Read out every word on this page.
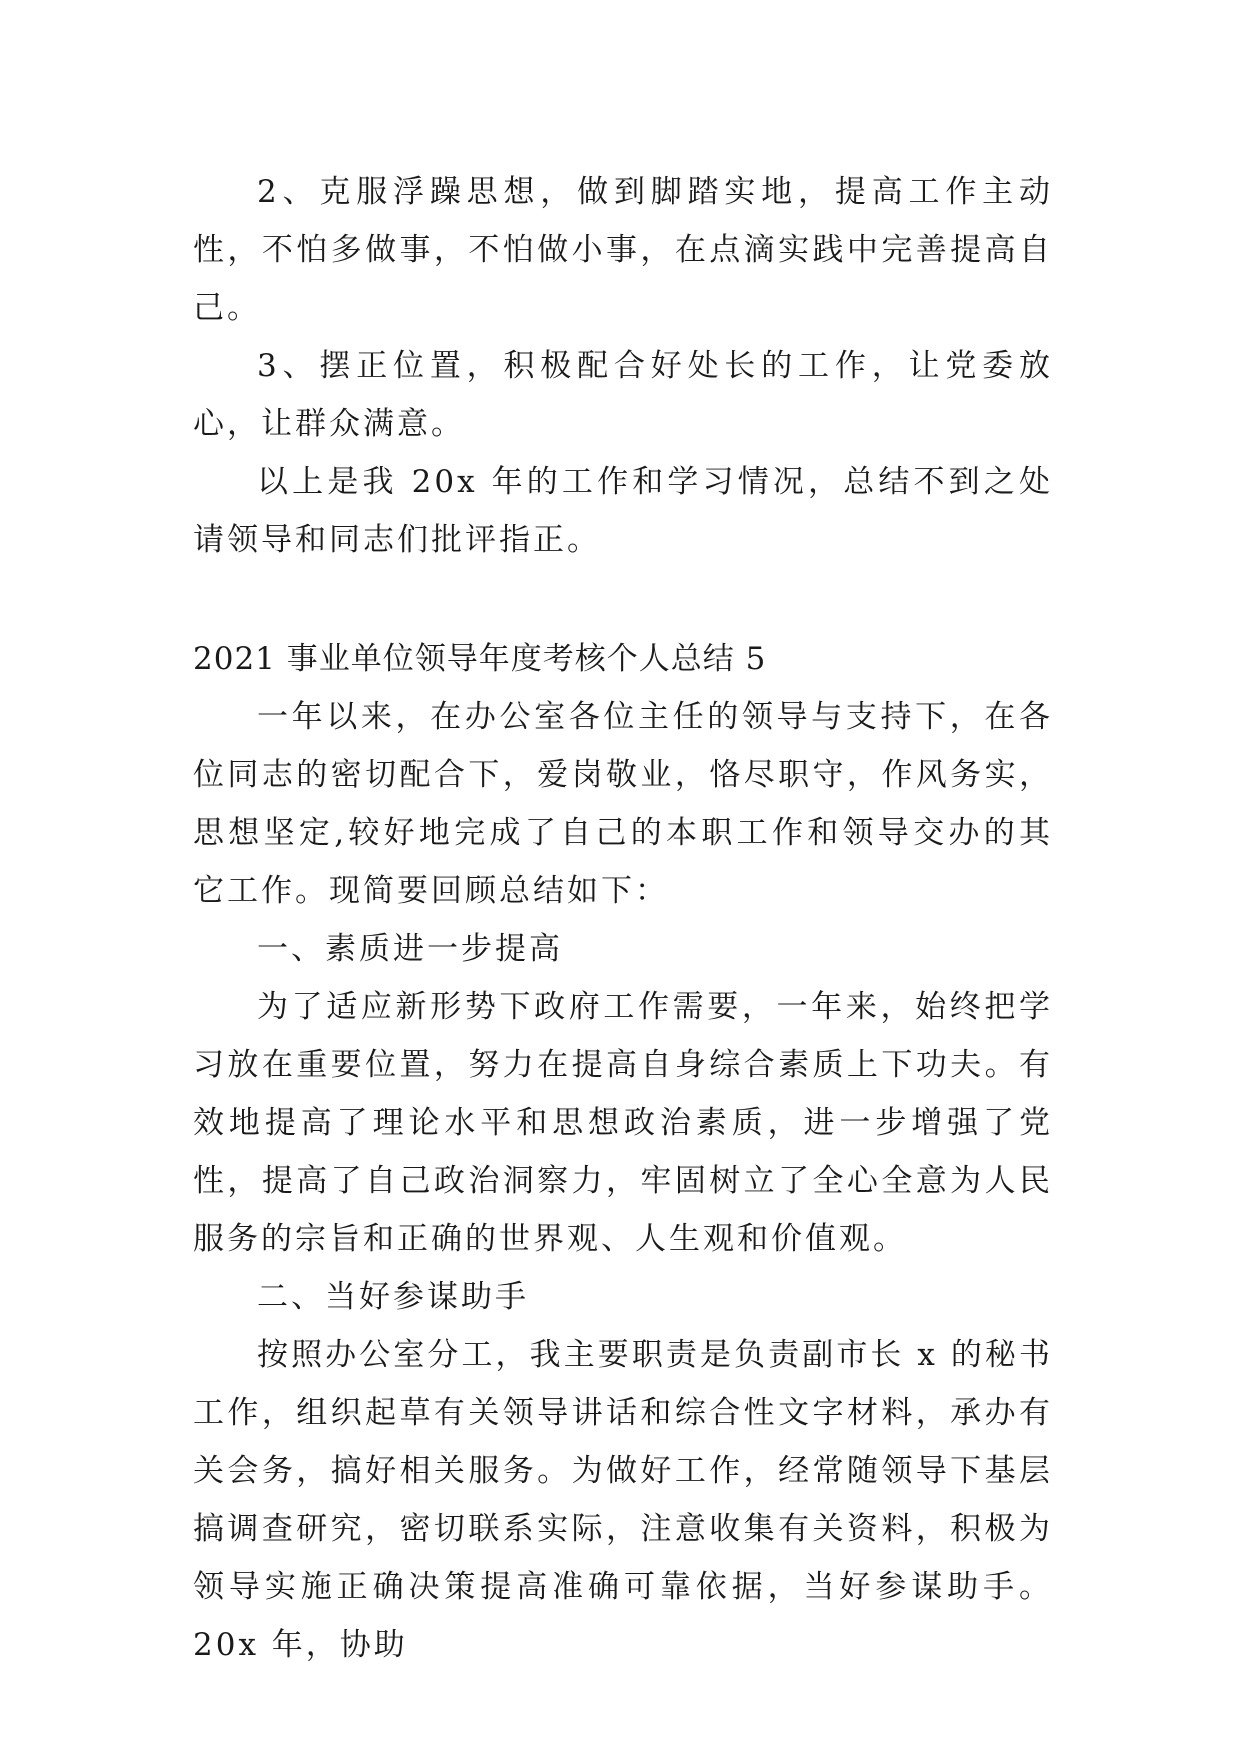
2、克服浮躁思想，做到脚踏实地，提高工作主动性，不怕多做事，不怕做小事，在点滴实践中完善提高自己。

3、摆正位置，积极配合好处长的工作，让党委放心，让群众满意。

以上是我 20x 年的工作和学习情况，总结不到之处请领导和同志们批评指正。

2021 事业单位领导年度考核个人总结 5

一年以来，在办公室各位主任的领导与支持下，在各位同志的密切配合下，爱岗敬业，恪尽职守，作风务实，思想坚定,较好地完成了自己的本职工作和领导交办的其它工作。现简要回顾总结如下：

一、素质进一步提高

为了适应新形势下政府工作需要，一年来，始终把学习放在重要位置，努力在提高自身综合素质上下功夫。有效地提高了理论水平和思想政治素质，进一步增强了党性，提高了自己政治洞察力，牢固树立了全心全意为人民服务的宗旨和正确的世界观、人生观和价值观。

二、当好参谋助手

按照办公室分工，我主要职责是负责副市长 x 的秘书工作，组织起草有关领导讲话和综合性文字材料，承办有关会务，搞好相关服务。为做好工作，经常随领导下基层搞调查研究，密切联系实际，注意收集有关资料，积极为领导实施正确决策提高准确可靠依据，当好参谋助手。20x 年，协助
